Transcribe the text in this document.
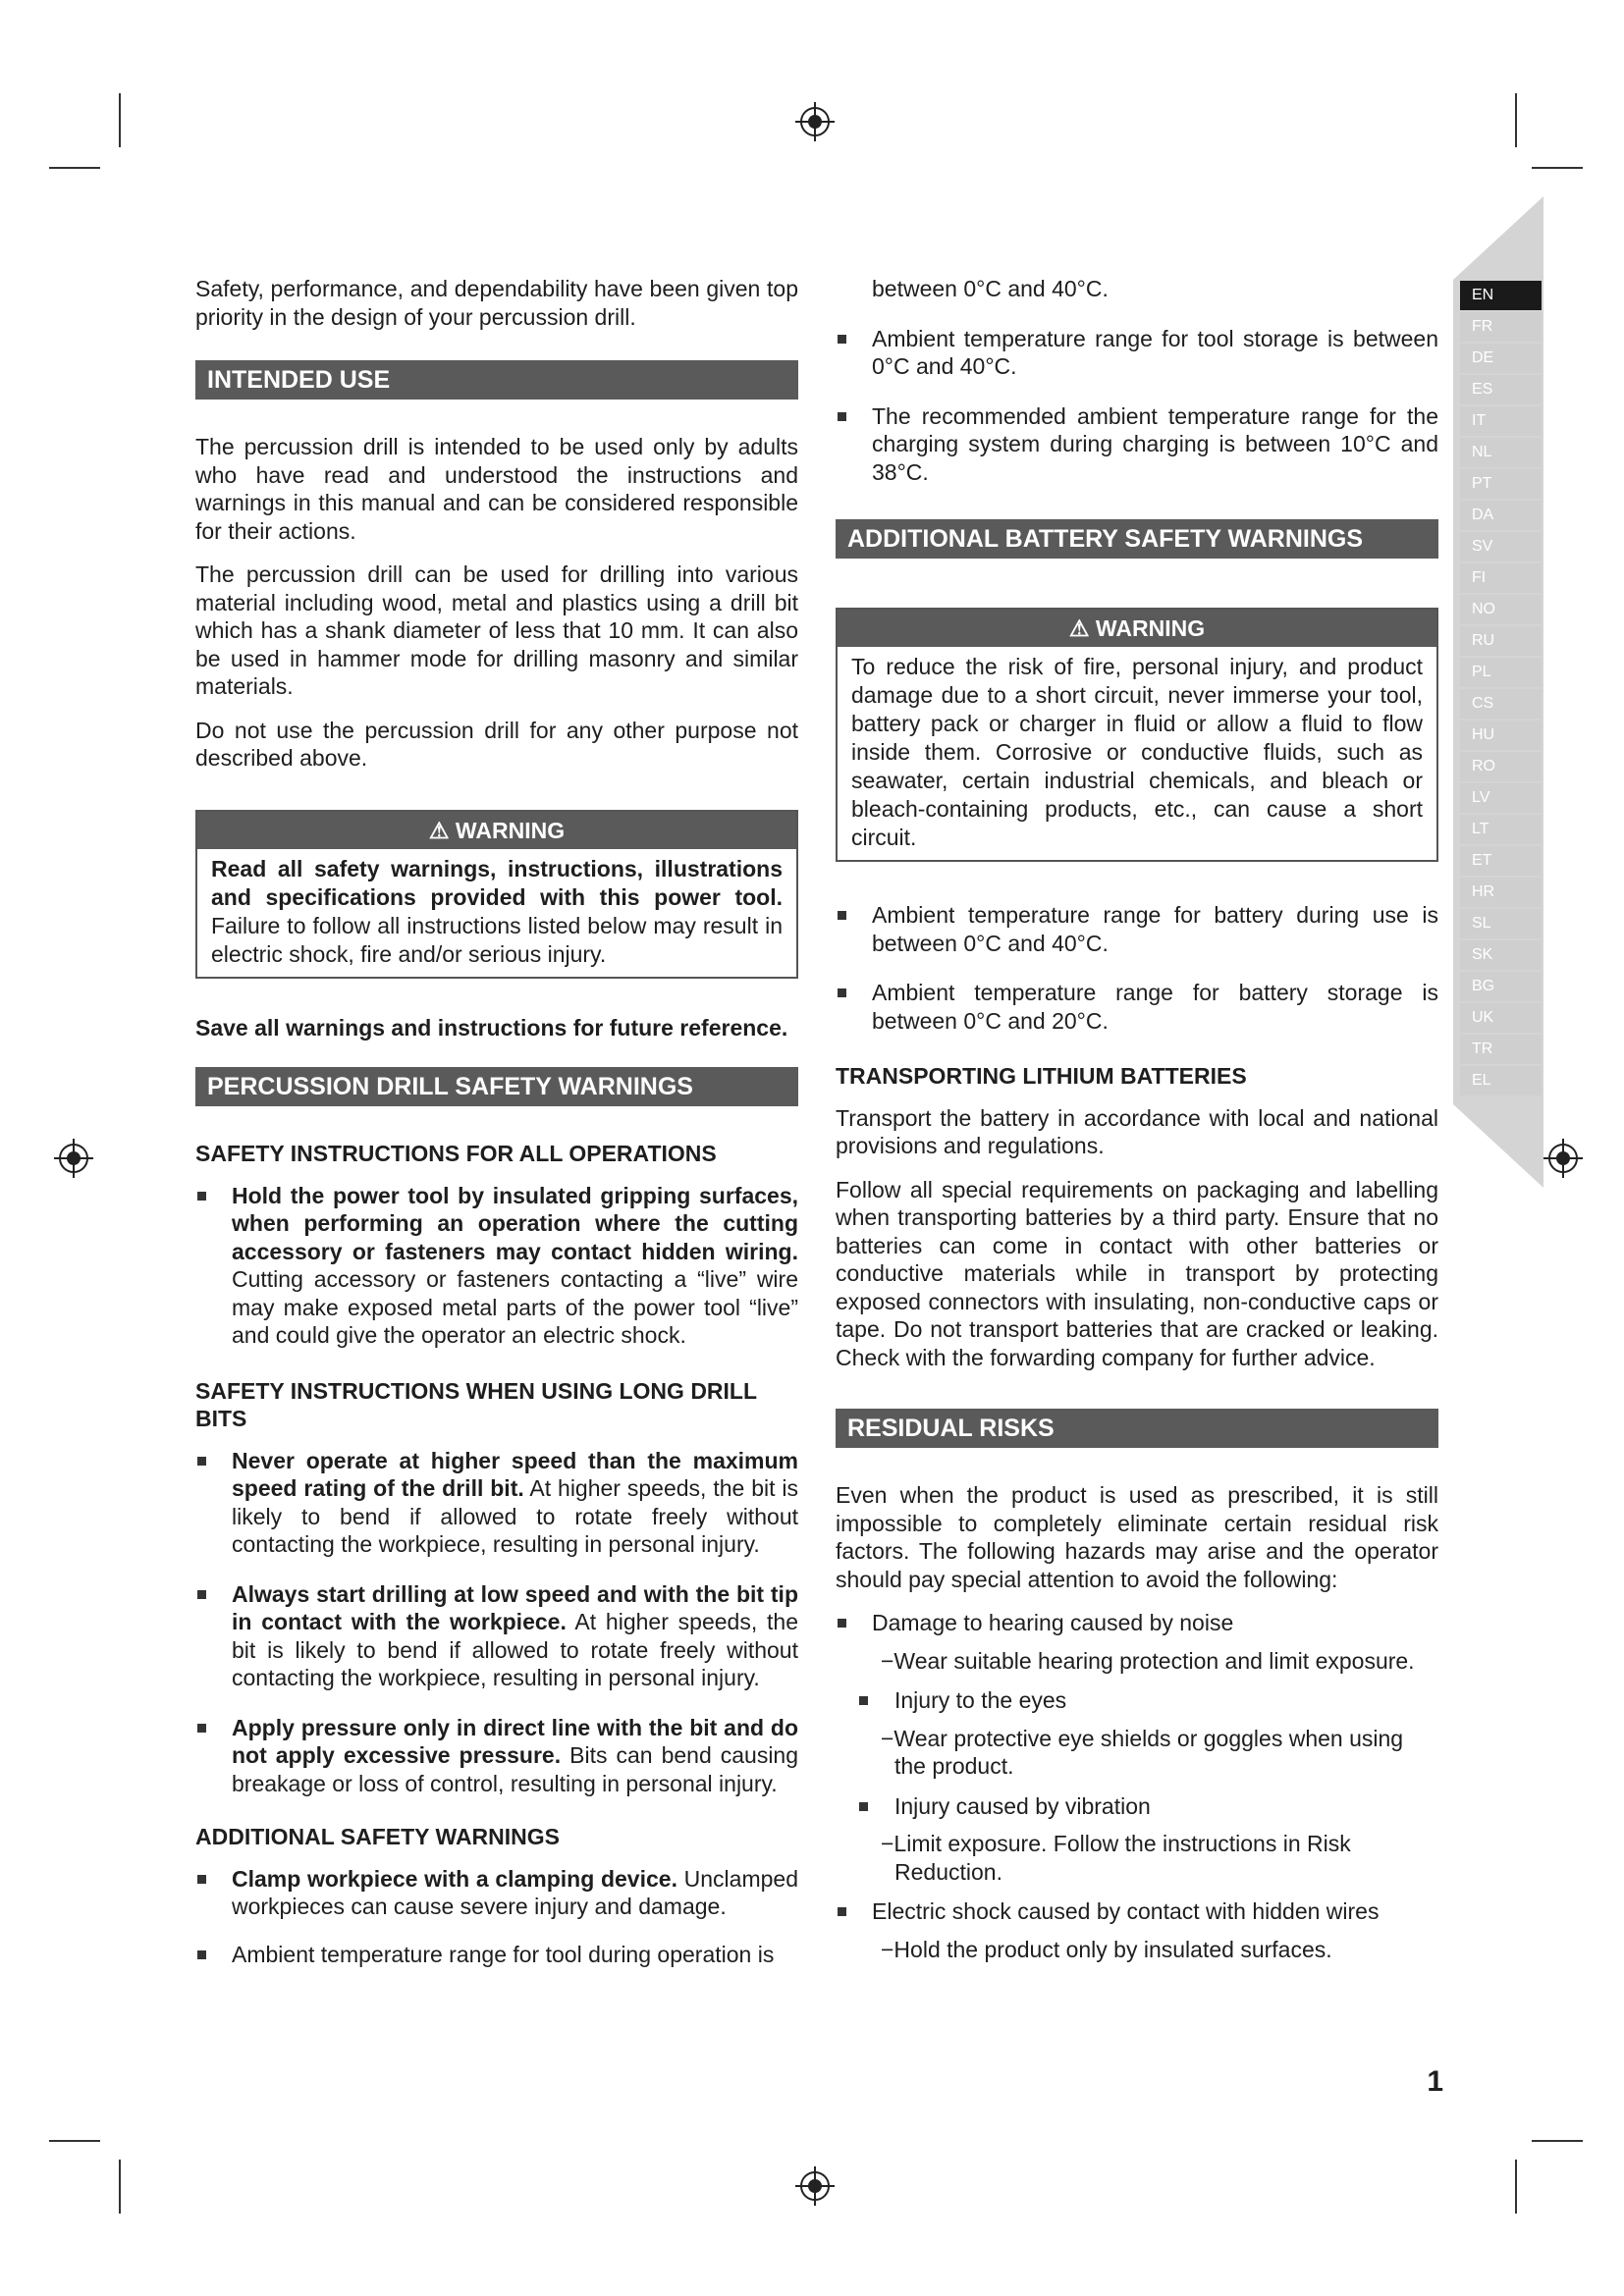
EN
FR
DE
ES
IT
NL
PT
DA
SV
FI
NO
RU
PL
CS
HU
RO
LV
LT
ET
HR
SL
SK
BG
UK
TR
EL

Safety, performance, and dependability have been given top priority in the design of your percussion drill.

INTENDED USE

The percussion drill is intended to be used only by adults who have read and understood the instructions and warnings in this manual and can be considered responsible for their actions.

The percussion drill can be used for drilling into various material including wood, metal and plastics using a drill bit which has a shank diameter of less that 10 mm. It can also be used in hammer mode for drilling masonry and similar materials.

Do not use the percussion drill for any other purpose not described above.

⚠ WARNING
Read all safety warnings, instructions, illustrations and specifications provided with this power tool. Failure to follow all instructions listed below may result in electric shock, fire and/or serious injury.

Save all warnings and instructions for future reference.

PERCUSSION DRILL SAFETY WARNINGS
SAFETY INSTRUCTIONS FOR ALL OPERATIONS
Hold the power tool by insulated gripping surfaces, when performing an operation where the cutting accessory or fasteners may contact hidden wiring. Cutting accessory or fasteners contacting a “live” wire may make exposed metal parts of the power tool “live” and could give the operator an electric shock.
SAFETY INSTRUCTIONS WHEN USING LONG DRILL BITS
Never operate at higher speed than the maximum speed rating of the drill bit. At higher speeds, the bit is likely to bend if allowed to rotate freely without contacting the workpiece, resulting in personal injury.
Always start drilling at low speed and with the bit tip in contact with the workpiece. At higher speeds, the bit is likely to bend if allowed to rotate freely without contacting the workpiece, resulting in personal injury.
Apply pressure only in direct line with the bit and do not apply excessive pressure. Bits can bend causing breakage or loss of control, resulting in personal injury.
ADDITIONAL SAFETY WARNINGS
Clamp workpiece with a clamping device. Unclamped workpieces can cause severe injury and damage.
Ambient temperature range for tool during operation is

between 0°C and 40°C.

Ambient temperature range for tool storage is between 0°C and 40°C.
The recommended ambient temperature range for the charging system during charging is between 10°C and 38°C.
ADDITIONAL BATTERY SAFETY WARNINGS
⚠ WARNING
To reduce the risk of fire, personal injury, and product damage due to a short circuit, never immerse your tool, battery pack or charger in fluid or allow a fluid to flow inside them. Corrosive or conductive fluids, such as seawater, certain industrial chemicals, and bleach or bleach-containing products, etc., can cause a short circuit.
Ambient temperature range for battery during use is between 0°C and 40°C.
Ambient temperature range for battery storage is between 0°C and 20°C.
TRANSPORTING LITHIUM BATTERIES

Transport the battery in accordance with local and national provisions and regulations.

Follow all special requirements on packaging and labelling when transporting batteries by a third party. Ensure that no batteries can come in contact with other batteries or conductive materials while in transport by protecting exposed connectors with insulating, non-conductive caps or tape. Do not transport batteries that are cracked or leaking. Check with the forwarding company for further advice.

RESIDUAL RISKS

Even when the product is used as prescribed, it is still impossible to completely eliminate certain residual risk factors. The following hazards may arise and the operator should pay special attention to avoid the following:

Damage to hearing caused by noise
−Wear suitable hearing protection and limit exposure.
Injury to the eyes
−Wear protective eye shields or goggles when using the product.
Injury caused by vibration
−Limit exposure. Follow the instructions in Risk Reduction.
Electric shock caused by contact with hidden wires
−Hold the product only by insulated surfaces.
1
